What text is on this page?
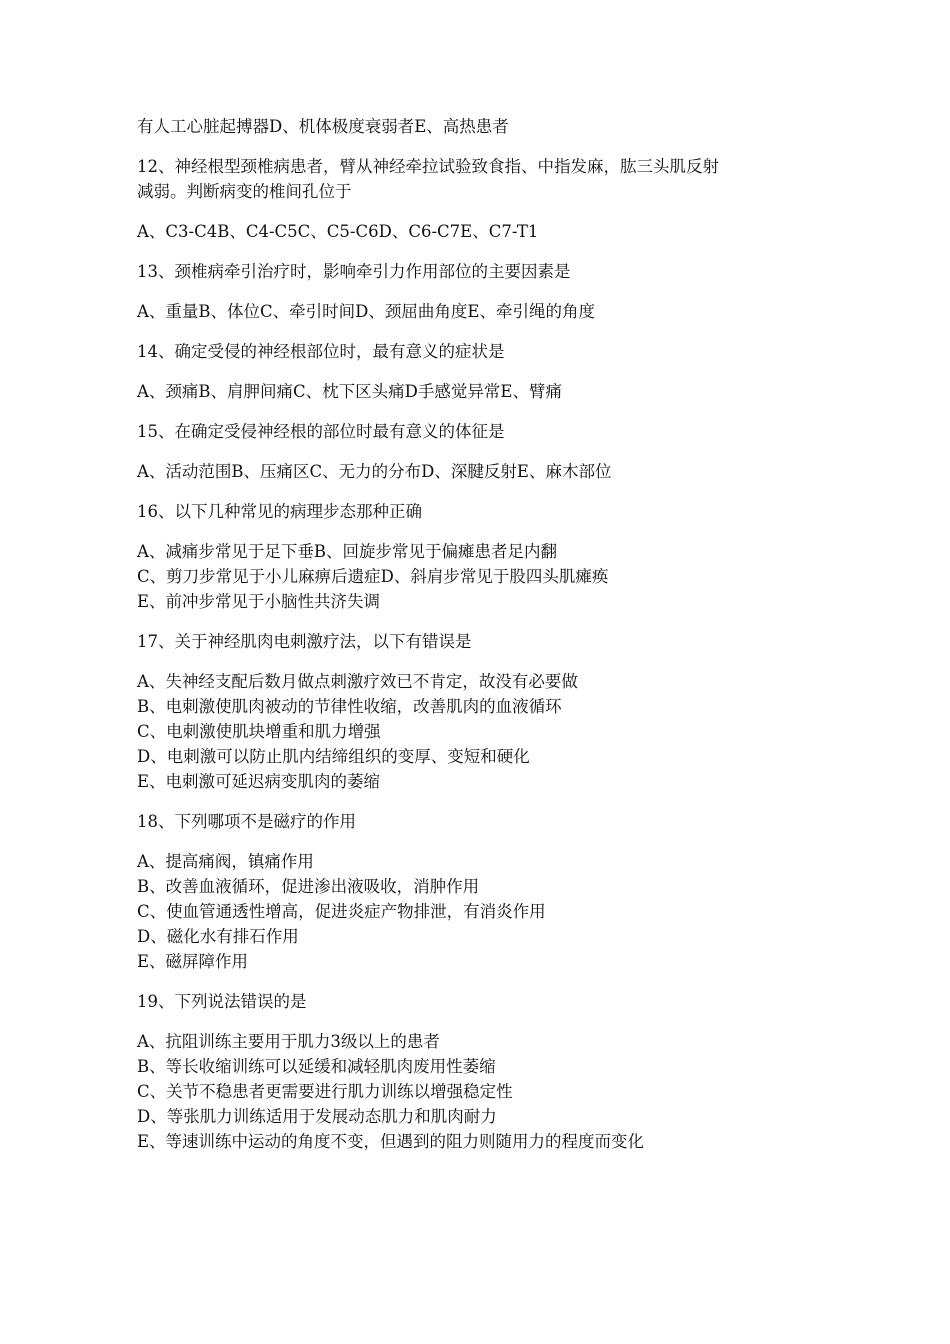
有人工心脏起搏器D、机体极度衰弱者E、高热患者
12、神经根型颈椎病患者，臂从神经牵拉试验致食指、中指发麻，肱三头肌反射
减弱。判断病变的椎间孔位于
A、C3-C4B、C4-C5C、C5-C6D、C6-C7E、C7-T1
13、颈椎病牵引治疗时，影响牵引力作用部位的主要因素是
A、重量B、体位C、牵引时间D、颈屈曲角度E、牵引绳的角度
14、确定受侵的神经根部位时，最有意义的症状是
A、颈痛B、肩胛间痛C、枕下区头痛D手感觉异常E、臂痛
15、在确定受侵神经根的部位时最有意义的体征是
A、活动范围B、压痛区C、无力的分布D、深腱反射E、麻木部位
16、以下几种常见的病理步态那种正确
A、减痛步常见于足下垂B、回旋步常见于偏瘫患者足内翻
C、剪刀步常见于小儿麻痹后遗症D、斜肩步常见于股四头肌瘫痪
E、前冲步常见于小脑性共济失调
17、关于神经肌肉电刺激疗法，以下有错误是
A、失神经支配后数月做点刺激疗效已不肯定，故没有必要做
B、电刺激使肌肉被动的节律性收缩，改善肌肉的血液循环
C、电刺激使肌块增重和肌力增强
D、电刺激可以防止肌内结缔组织的变厚、变短和硬化
E、电刺激可延迟病变肌肉的萎缩
18、下列哪项不是磁疗的作用
A、提高痛阀，镇痛作用
B、改善血液循环，促进渗出液吸收，消肿作用
C、使血管通透性增高，促进炎症产物排泄，有消炎作用
D、磁化水有排石作用
E、磁屏障作用
19、下列说法错误的是
A、抗阻训练主要用于肌力3级以上的患者
B、等长收缩训练可以延缓和减轻肌肉废用性萎缩
C、关节不稳患者更需要进行肌力训练以增强稳定性
D、等张肌力训练适用于发展动态肌力和肌肉耐力
E、等速训练中运动的角度不变，但遇到的阻力则随用力的程度而变化
